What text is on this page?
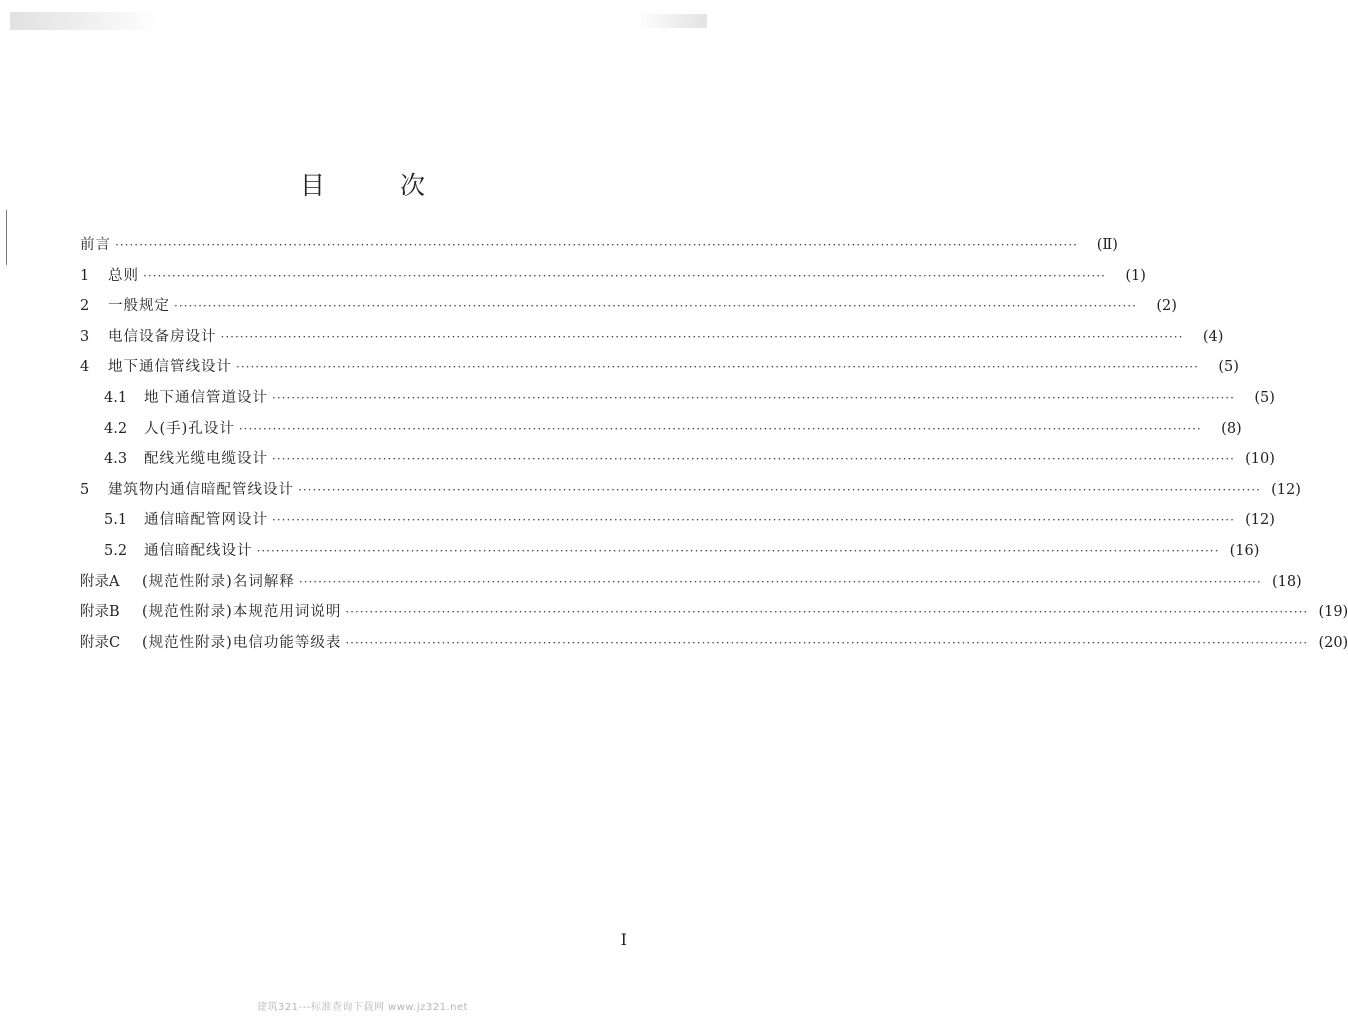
目	次
前言 ········································································································································································································	(Ⅱ)
1	总则 ········································································································································································································	(1)
2	一般规定 ········································································································································································································	(2)
3	电信设备房设计 ········································································································································································································	(4)
4	地下通信管线设计 ········································································································································································································	(5)
4.1	地下通信管道设计 ········································································································································································································	(5)
4.2	人(手)孔设计 ········································································································································································································	(8)
4.3	配线光缆电缆设计 ········································································································································································································ (10)
5	建筑物内通信暗配管线设计 ········································································································································································································ (12)
5.1	通信暗配管网设计 ········································································································································································································ (12)
5.2	通信暗配线设计 ········································································································································································································ (16)
附录A	(规范性附录)名词解释 ········································································································································································································ (18)
附录B	(规范性附录)本规范用词说明 ········································································································································································································ (19)
附录C	(规范性附录)电信功能等级表 ········································································································································································································ (20)
I
建筑321---标准查询下载网 www.jz321.net
